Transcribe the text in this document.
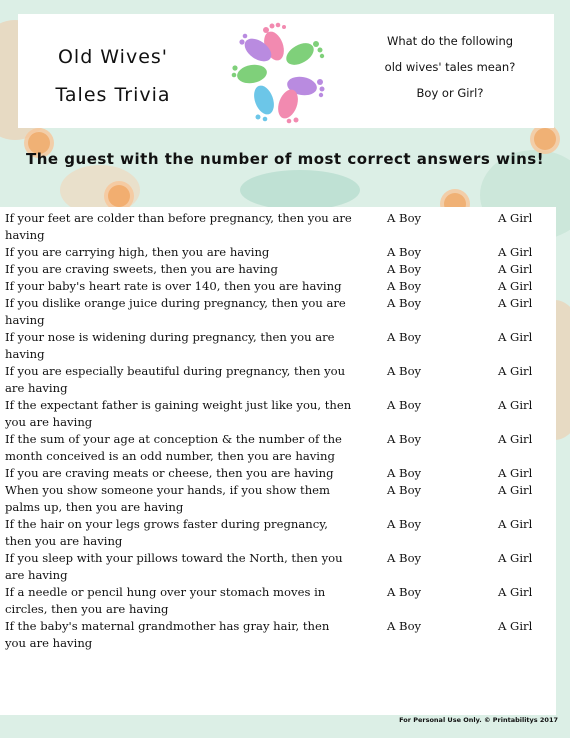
Old Wives'
Tales Trivia
What do the following
old wives' tales mean?
Boy or Girl?
The guest with the number of most correct answers wins!
If your feet are colder than before pregnancy, then you are having
A Boy	A Girl
If you are carrying high, then you are having	A Boy	A Girl
If you are craving sweets, then you are having	A Boy	A Girl
If your baby's heart rate is over 140, then you are having	A Boy	A Girl
If you dislike orange juice during pregnancy, then you are having
A Boy	A Girl
If your nose is widening during pregnancy, then you are having
A Boy	A Girl
If you are especially beautiful during pregnancy, then you are having
A Boy	A Girl
If the expectant father is gaining weight just like you, then you are having
A Boy	A Girl
If the sum of your age at conception & the number of the month conceived is an odd number, then you are having
A Boy	A Girl
If you are craving meats or cheese, then you are having	A Boy	A Girl
When you show someone your hands, if you show them palms up, then you are having
A Boy	A Girl
If the hair on your legs grows faster during pregnancy, then you are having
A Boy	A Girl
If you sleep with your pillows toward the North, then you are having
A Boy	A Girl
If a needle or pencil hung over your stomach moves in circles, then you are having
A Boy	A Girl
If the baby's maternal grandmother has gray hair, then you are having
A Boy	A Girl
For Personal Use Only. © Printabilitys 2017
